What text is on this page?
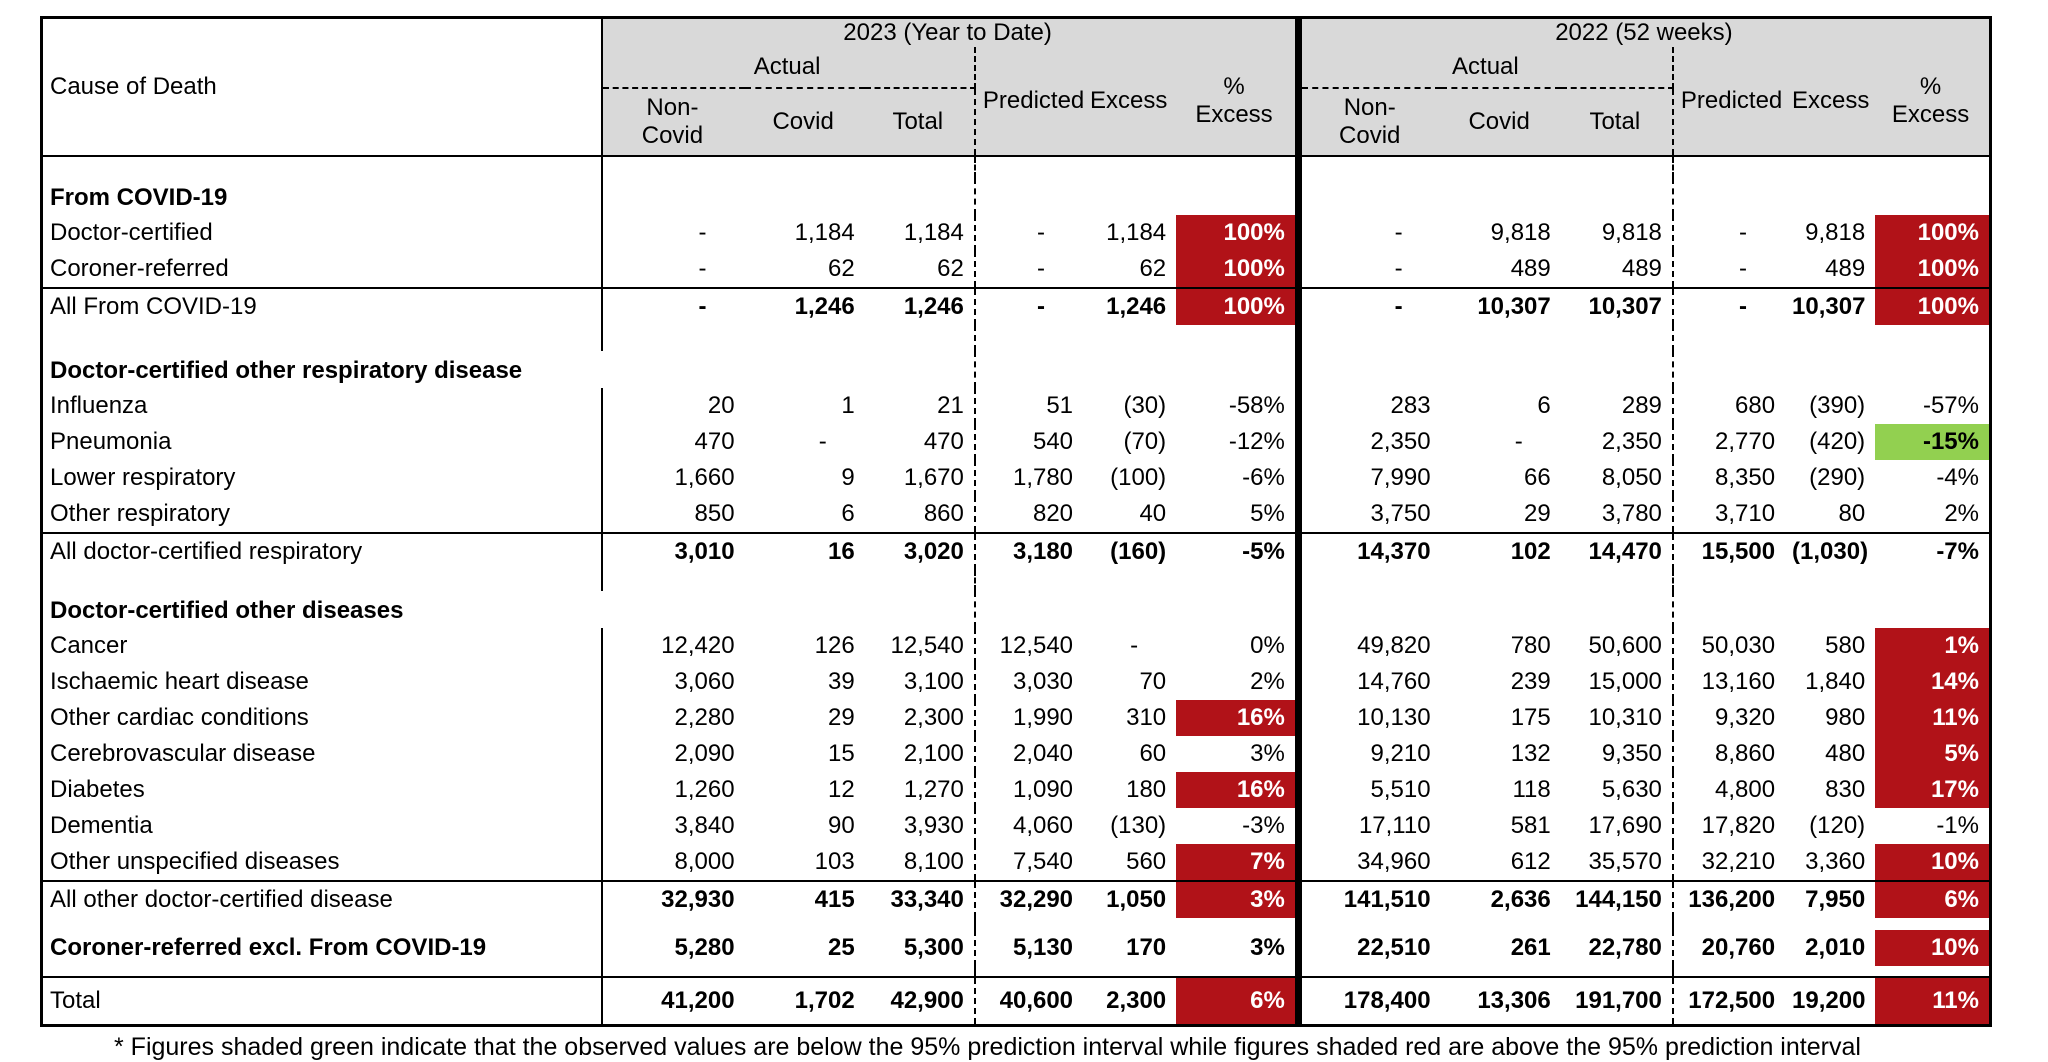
Cause of Death	2023 (Year to Date)						2022 (52 weeks)					
	Actual			Predicted	Excess	% Excess	Actual			Predicted	Excess	% Excess
	Non-Covid	Covid	Total				Non-Covid	Covid	Total			

From COVID-19												
Doctor-certified	-	1,184	1,184	-	1,184	100%	-	9,818	9,818	-	9,818	100%
Coroner-referred	-	62	62	-	62	100%	-	489	489	-	489	100%
All From COVID-19	-	1,246	1,246	-	1,246	100%	-	10,307	10,307	-	10,307	100%

Doctor-certified other respiratory disease												
Influenza	20	1	21	51	(30)	-58%	283	6	289	680	(390)	-57%
Pneumonia	470	-	470	540	(70)	-12%	2,350	-	2,350	2,770	(420)	-15%
Lower respiratory	1,660	9	1,670	1,780	(100)	-6%	7,990	66	8,050	8,350	(290)	-4%
Other respiratory	850	6	860	820	40	5%	3,750	29	3,780	3,710	80	2%
All doctor-certified respiratory	3,010	16	3,020	3,180	(160)	-5%	14,370	102	14,470	15,500	(1,030)	-7%

Doctor-certified other diseases												
Cancer	12,420	126	12,540	12,540	-	0%	49,820	780	50,600	50,030	580	1%
Ischaemic heart disease	3,060	39	3,100	3,030	70	2%	14,760	239	15,000	13,160	1,840	14%
Other cardiac conditions	2,280	29	2,300	1,990	310	16%	10,130	175	10,310	9,320	980	11%
Cerebrovascular disease	2,090	15	2,100	2,040	60	3%	9,210	132	9,350	8,860	480	5%
Diabetes	1,260	12	1,270	1,090	180	16%	5,510	118	5,630	4,800	830	17%
Dementia	3,840	90	3,930	4,060	(130)	-3%	17,110	581	17,690	17,820	(120)	-1%
Other unspecified diseases	8,000	103	8,100	7,540	560	7%	34,960	612	35,570	32,210	3,360	10%
All other doctor-certified disease	32,930	415	33,340	32,290	1,050	3%	141,510	2,636	144,150	136,200	7,950	6%

Coroner-referred excl. From COVID-19	5,280	25	5,300	5,130	170	3%	22,510	261	22,780	20,760	2,010	10%

Total	41,200	1,702	42,900	40,600	2,300	6%	178,400	13,306	191,700	172,500	19,200	11%
* Figures shaded green indicate that the observed values are below the 95% prediction interval while figures shaded red are above the 95% prediction interval
